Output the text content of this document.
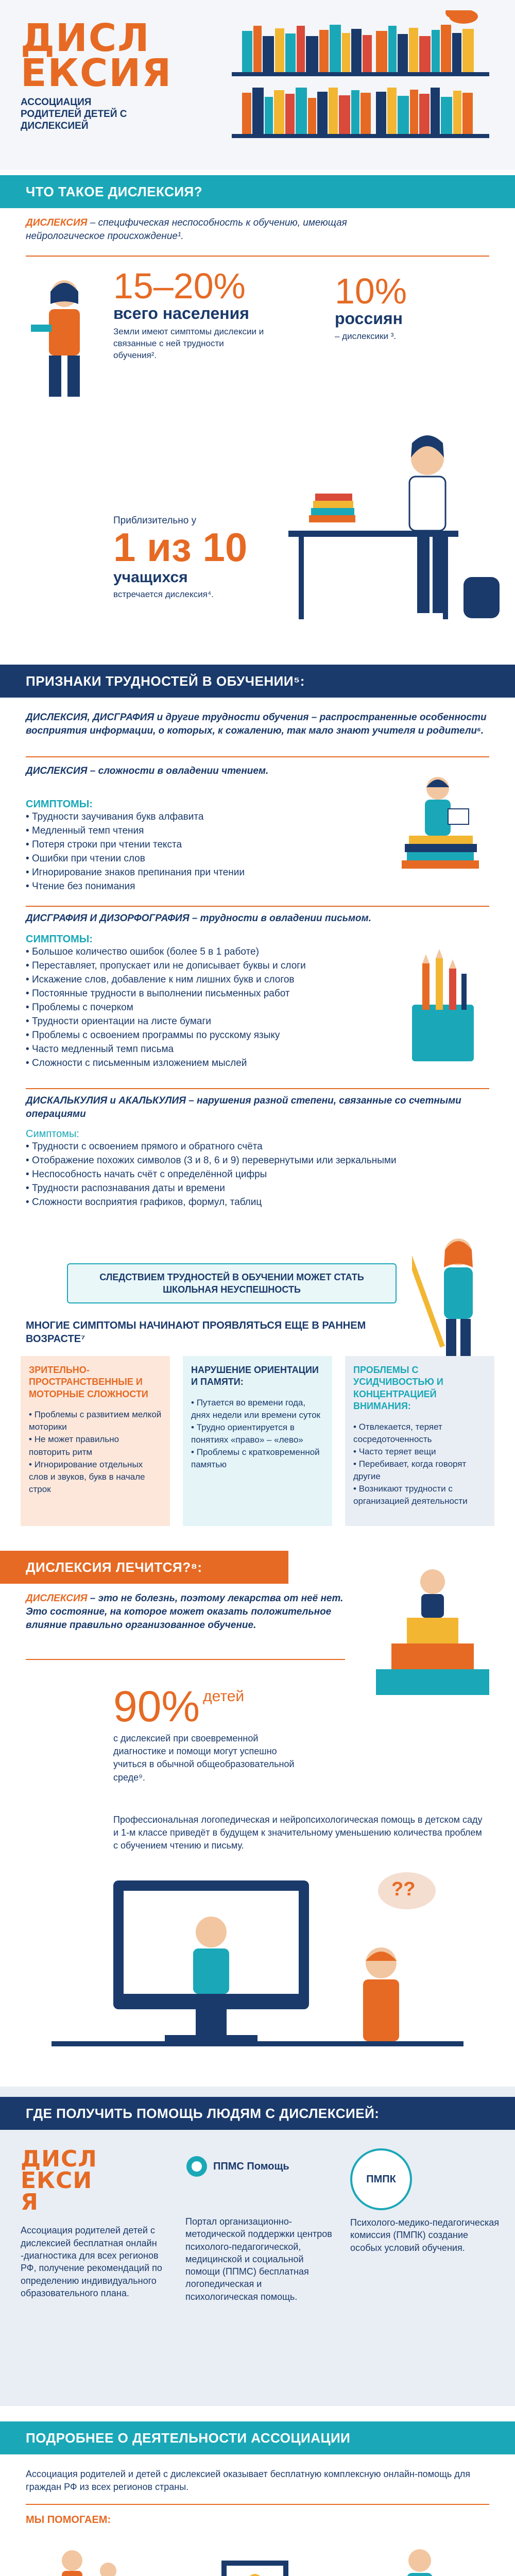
ДИСЛЕКСИЯ
АССОЦИАЦИЯ РОДИТЕЛЕЙ ДЕТЕЙ С ДИСЛЕКСИЕЙ
ЧТО ТАКОЕ ДИСЛЕКСИЯ?
ДИСЛЕКСИЯ – специфическая неспособность к обучению, имеющая нейрологическое происхождение¹.
15–20%
всего населения
Земли имеют симптомы дислексии и связанные с ней трудности обучения².
10%
россиян
– дислексики ³.
Приблизительно у
1 из 10
учащихся
встречается дислексия⁴.
ПРИЗНАКИ ТРУДНОСТЕЙ В ОБУЧЕНИИ⁵:
ДИСЛЕКСИЯ, ДИСГРАФИЯ и другие трудности обучения – распространенные особенности восприятия информации, о которых, к сожалению, так мало знают учителя и родители⁶.
ДИСЛЕКСИЯ – сложности в овладении чтением.
СИМПТОМЫ:
• Трудности заучивания букв алфавита
• Медленный темп чтения
• Потеря строки при чтении текста
• Ошибки при чтении слов
• Игнорирование знаков препинания при чтении
• Чтение без понимания
ДИСГРАФИЯ И ДИЗОРФОГРАФИЯ – трудности в овладении письмом.
СИМПТОМЫ:
• Большое количество ошибок (более 5 в 1 работе)
• Переставляет, пропускает или не дописывает буквы и слоги
• Искажение слов, добавление к ним лишних букв и слогов
• Постоянные трудности в выполнении письменных работ
• Проблемы с почерком
• Трудности ориентации на листе бумаги
• Проблемы с освоением программы по русскому языку
• Часто медленный темп письма
• Сложности с письменным изложением мыслей
ДИСКАЛЬКУЛИЯ и АКАЛЬКУЛИЯ – нарушения разной степени, связанные со счетными операциями
Симптомы:
• Трудности с освоением прямого и обратного счёта
• Отображение похожих символов (3 и 8, 6 и 9) перевернутыми или зеркальными
• Неспособность начать счёт с определённой цифры
• Трудности распознавания даты и времени
• Сложности восприятия графиков, формул, таблиц
СЛЕДСТВИЕМ ТРУДНОСТЕЙ В ОБУЧЕНИИ МОЖЕТ СТАТЬ ШКОЛЬНАЯ НЕУСПЕШНОСТЬ
МНОГИЕ СИМПТОМЫ НАЧИНАЮТ ПРОЯВЛЯТЬСЯ ЕЩЕ В РАННЕМ ВОЗРАСТЕ⁷
ЗРИТЕЛЬНО-ПРОСТРАНСТВЕННЫЕ И МОТОРНЫЕ СЛОЖНОСТИ
• Проблемы с развитием мелкой моторики
• Не может правильно повторить ритм
• Игнорирование отдельных слов и звуков, букв в начале строк
НАРУШЕНИЕ ОРИЕНТАЦИИ И ПАМЯТИ:
• Путается во времени года, днях недели или времени суток
• Трудно ориентируется в понятиях «право» – «лево»
• Проблемы с кратковременной памятью
ПРОБЛЕМЫ С УСИДЧИВОСТЬЮ И КОНЦЕНТРАЦИЕЙ ВНИМАНИЯ:
• Отвлекается, теряет сосредоточенность
• Часто теряет вещи
• Перебивает, когда говорят другие
• Возникают трудности с организацией деятельности
ДИСЛЕКСИЯ ЛЕЧИТСЯ?⁸:
ДИСЛЕКСИЯ – это не болезнь, поэтому лекарства от неё нет. Это состояние, на которое может оказать положительное влияние правильно организованное обучение.
90% детей
с дислексией при своевременной диагностике и помощи могут успешно учиться в обычной общеобразовательной среде⁹.
Профессиональная логопедическая и нейропсихологическая помощь в детском саду и 1-м классе приведёт в будущем к значительному уменьшению количества проблем с обучением чтению и письму.
??
ГДЕ ПОЛУЧИТЬ ПОМОЩЬ ЛЮДЯМ С ДИСЛЕКСИЕЙ:
ДИСЛЕКСИЯ
Ассоциация родителей детей с дислексией бесплатная онлайн -диагностика для всех регионов РФ, получение рекомендаций по определению индивидуального образовательного плана.
ППМС Помощь
Портал организационно-методической поддержки центров психолого-педагогической, медицинской и социальной помощи (ППМС) бесплатная логопедическая и психологическая помощь.
ПМПК
Психолого-медико-педагогическая комиссия (ПМПК) создание особых условий обучения.
ПОДРОБНЕЕ О ДЕЯТЕЛЬНОСТИ АССОЦИАЦИИ
Ассоциация родителей и детей с дислексией оказывает бесплатную комплексную онлайн-помощь для граждан РФ из всех регионов страны.
МЫ ПОМОГАЕМ:
